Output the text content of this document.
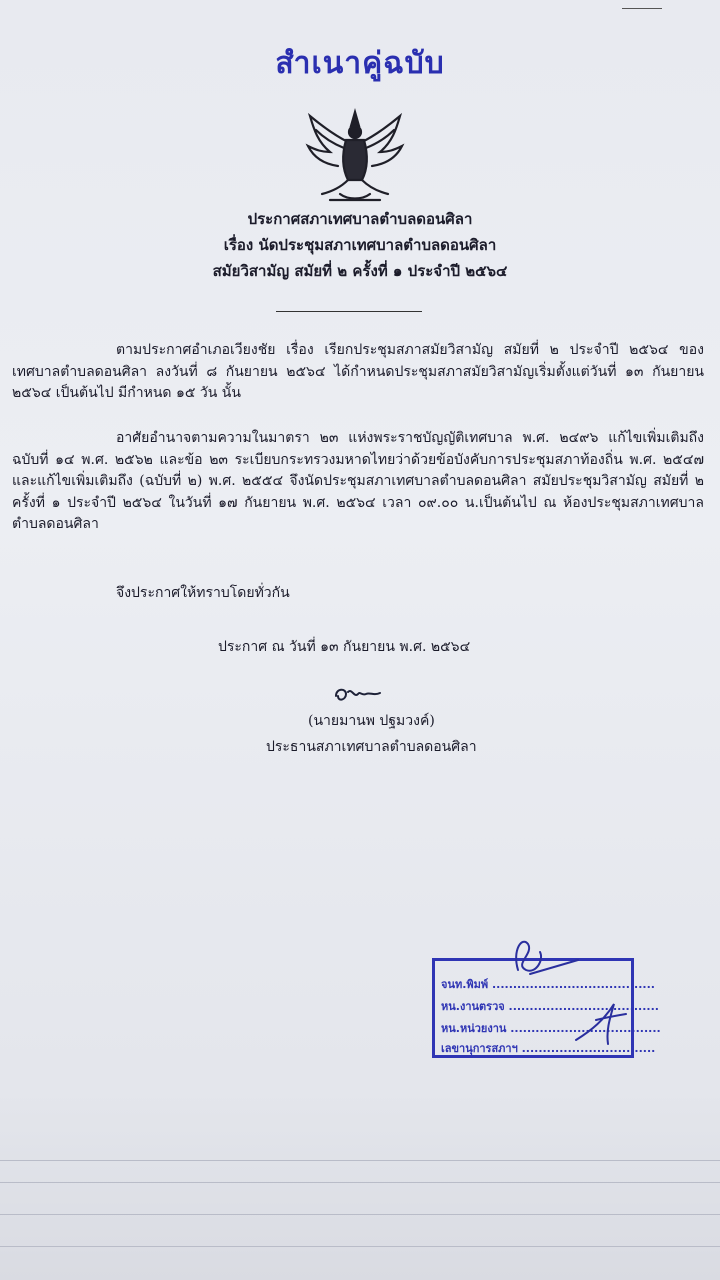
สำเนาคู่ฉบับ
ประกาศสภาเทศบาลตำบลดอนศิลา
เรื่อง นัดประชุมสภาเทศบาลตำบลดอนศิลา
สมัยวิสามัญ สมัยที่ ๒ ครั้งที่ ๑ ประจำปี ๒๕๖๔
ตามประกาศอำเภอเวียงชัย เรื่อง เรียกประชุมสภาสมัยวิสามัญ สมัยที่ ๒ ประจำปี ๒๕๖๔ ของเทศบาลตำบลดอนศิลา ลงวันที่ ๘ กันยายน ๒๕๖๔ ได้กำหนดประชุมสภาสมัยวิสามัญเริ่มตั้งแต่วันที่ ๑๓ กันยายน ๒๕๖๔ เป็นต้นไป มีกำหนด ๑๕ วัน นั้น
อาศัยอำนาจตามความในมาตรา ๒๓ แห่งพระราชบัญญัติเทศบาล พ.ศ. ๒๔๙๖ แก้ไขเพิ่มเติมถึงฉบับที่ ๑๔ พ.ศ. ๒๕๖๒ และข้อ ๒๓ ระเบียบกระทรวงมหาดไทยว่าด้วยข้อบังคับการประชุมสภาท้องถิ่น พ.ศ. ๒๕๔๗ และแก้ไขเพิ่มเติมถึง (ฉบับที่ ๒) พ.ศ. ๒๕๕๔ จึงนัดประชุมสภาเทศบาลตำบลดอนศิลา สมัยประชุมวิสามัญ สมัยที่ ๒ ครั้งที่ ๑ ประจำปี ๒๕๖๔ ในวันที่ ๑๗ กันยายน พ.ศ. ๒๕๖๔ เวลา ๐๙.๐๐ น.เป็นต้นไป ณ ห้องประชุมสภาเทศบาลตำบลดอนศิลา
จึงประกาศให้ทราบโดยทั่วกัน
ประกาศ ณ วันที่ ๑๓ กันยายน พ.ศ. ๒๕๖๔
(นายมานพ ปฐมวงค์)
ประธานสภาเทศบาลตำบลดอนศิลา
จนท.พิมพ์ .......................................
หน.งานตรวจ ....................................
หน.หน่วยงาน ....................................
เลขานุการสภาฯ ................................
